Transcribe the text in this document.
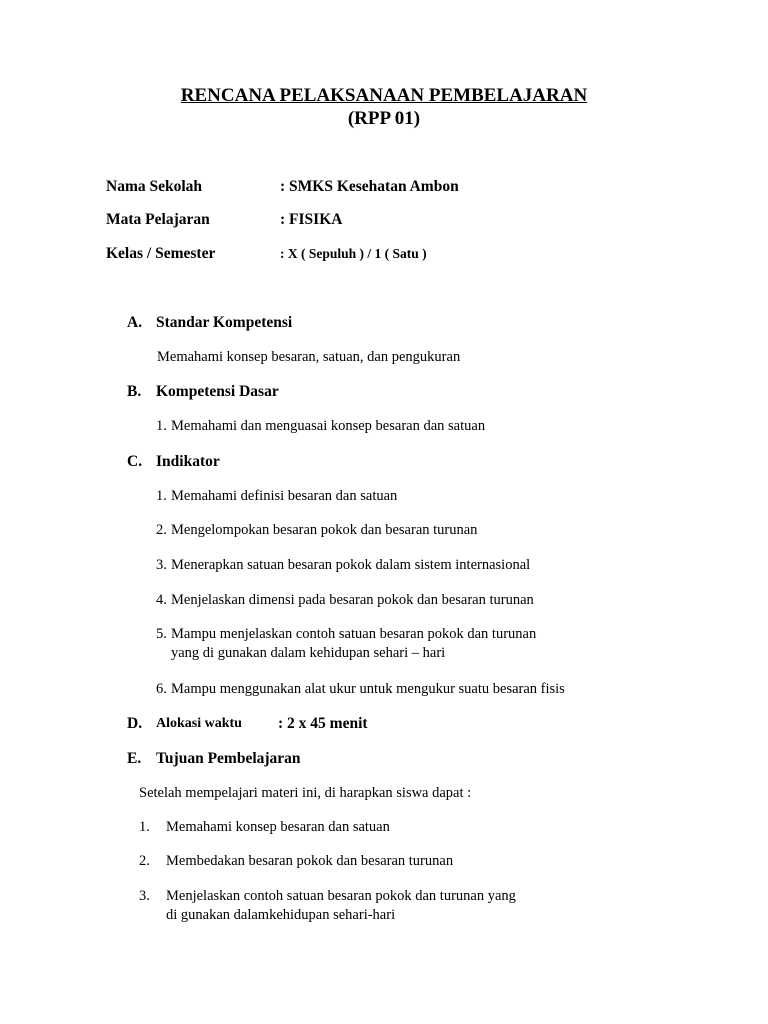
RENCANA PELAKSANAAN PEMBELAJARAN
(RPP 01)
Nama Sekolah	: SMKS Kesehatan Ambon
Mata Pelajaran	: FISIKA
Kelas / Semester	: X ( Sepuluh ) / 1 ( Satu )
A. Standar Kompetensi
Memahami konsep besaran, satuan, dan pengukuran
B. Kompetensi Dasar
1. Memahami dan menguasai konsep besaran dan satuan
C. Indikator
1. Memahami definisi besaran dan satuan
2. Mengelompokan besaran pokok dan besaran turunan
3. Menerapkan satuan besaran pokok dalam sistem internasional
4. Menjelaskan dimensi pada besaran pokok dan besaran turunan
5. Mampu menjelaskan contoh satuan besaran pokok dan turunan
yang di gunakan dalam kehidupan sehari – hari
6. Mampu menggunakan alat ukur untuk mengukur suatu besaran fisis
D. Alokasi waktu : 2 x 45 menit
E. Tujuan Pembelajaran
Setelah mempelajari materi ini, di harapkan siswa dapat :
1. Memahami konsep besaran dan satuan
2. Membedakan besaran pokok dan besaran turunan
3. Menjelaskan contoh satuan besaran pokok dan turunan yang
di gunakan dalamkehidupan sehari-hari
